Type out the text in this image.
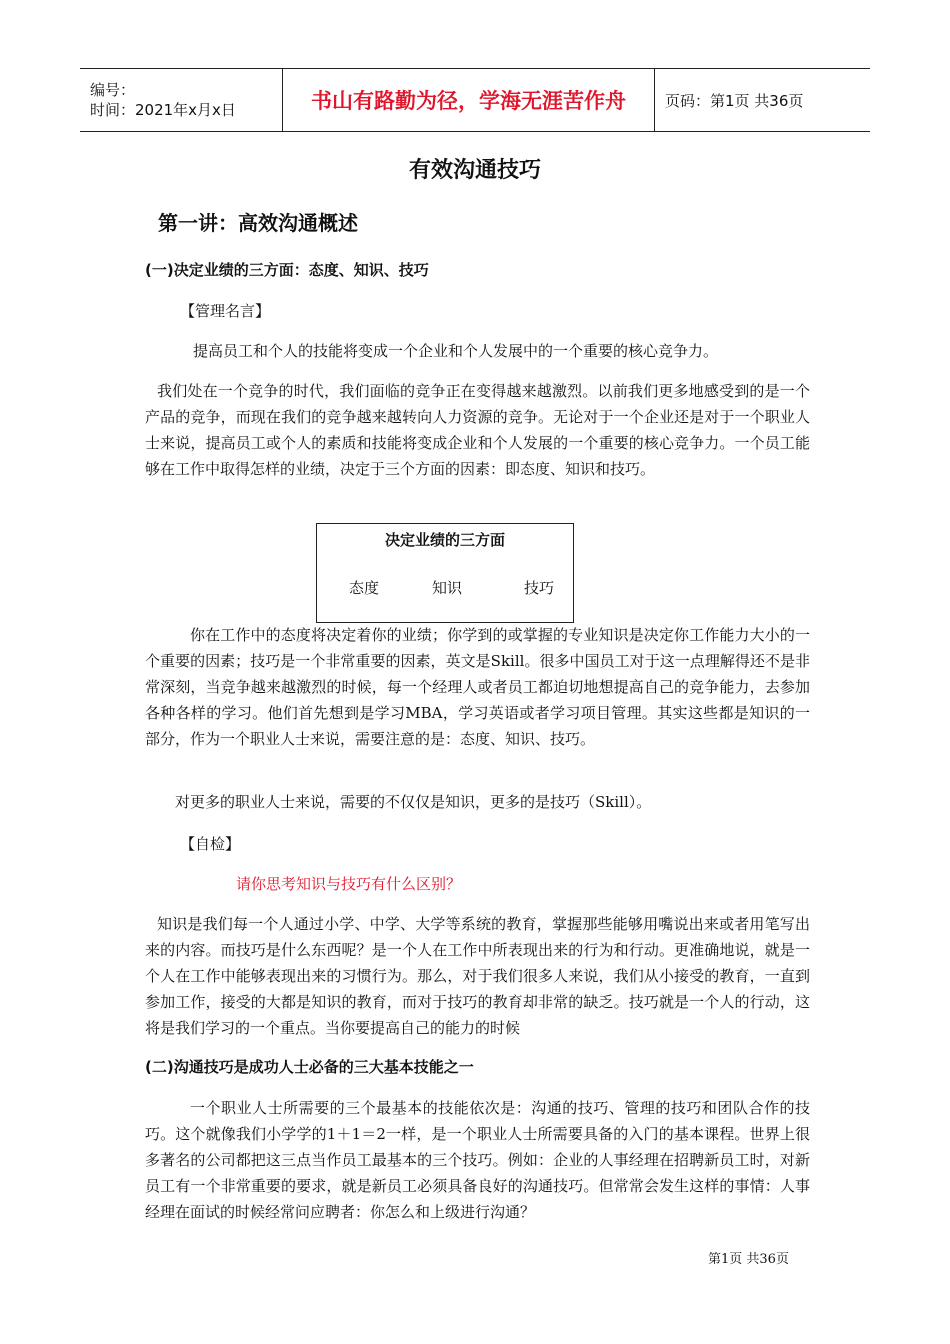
编号：
时间：2021年x月x日	书山有路勤为径，学海无涯苦作舟	页码：第1页 共36页
有效沟通技巧
第一讲：高效沟通概述
(一)决定业绩的三方面：态度、知识、技巧
【管理名言】
提高员工和个人的技能将变成一个企业和个人发展中的一个重要的核心竞争力。

我们处在一个竞争的时代，我们面临的竞争正在变得越来越激烈。以前我们更多地感受到的是一个产品的竞争，而现在我们的竞争越来越转向人力资源的竞争。无论对于一个企业还是对于一个职业人士来说，提高员工或个人的素质和技能将变成企业和个人发展的一个重要的核心竞争力。一个员工能够在工作中取得怎样的业绩，决定于三个方面的因素：即态度、知识和技巧。

决定业绩的三方面
态度	知识	技巧

你在工作中的态度将决定着你的业绩；你学到的或掌握的专业知识是决定你工作能力大小的一个重要的因素；技巧是一个非常重要的因素，英文是Skill。很多中国员工对于这一点理解得还不是非常深刻，当竞争越来越激烈的时候，每一个经理人或者员工都迫切地想提高自己的竞争能力，去参加各种各样的学习。他们首先想到是学习MBA，学习英语或者学习项目管理。其实这些都是知识的一部分，作为一个职业人士来说，需要注意的是：态度、知识、技巧。

对更多的职业人士来说，需要的不仅仅是知识，更多的是技巧（Skill）。
【自检】
请你思考知识与技巧有什么区别？

知识是我们每一个人通过小学、中学、大学等系统的教育，掌握那些能够用嘴说出来或者用笔写出来的内容。而技巧是什么东西呢？是一个人在工作中所表现出来的行为和行动。更准确地说，就是一个人在工作中能够表现出来的习惯行为。那么，对于我们很多人来说，我们从小接受的教育，一直到参加工作，接受的大都是知识的教育，而对于技巧的教育却非常的缺乏。技巧就是一个人的行动，这将是我们学习的一个重点。当你要提高自己的能力的时候

(二)沟通技巧是成功人士必备的三大基本技能之一

一个职业人士所需要的三个最基本的技能依次是：沟通的技巧、管理的技巧和团队合作的技巧。这个就像我们小学学的1＋1＝2一样，是一个职业人士所需要具备的入门的基本课程。世界上很多著名的公司都把这三点当作员工最基本的三个技巧。例如：企业的人事经理在招聘新员工时，对新员工有一个非常重要的要求，就是新员工必须具备良好的沟通技巧。但常常会发生这样的事情：人事经理在面试的时候经常问应聘者：你怎么和上级进行沟通？

第1页 共36页
